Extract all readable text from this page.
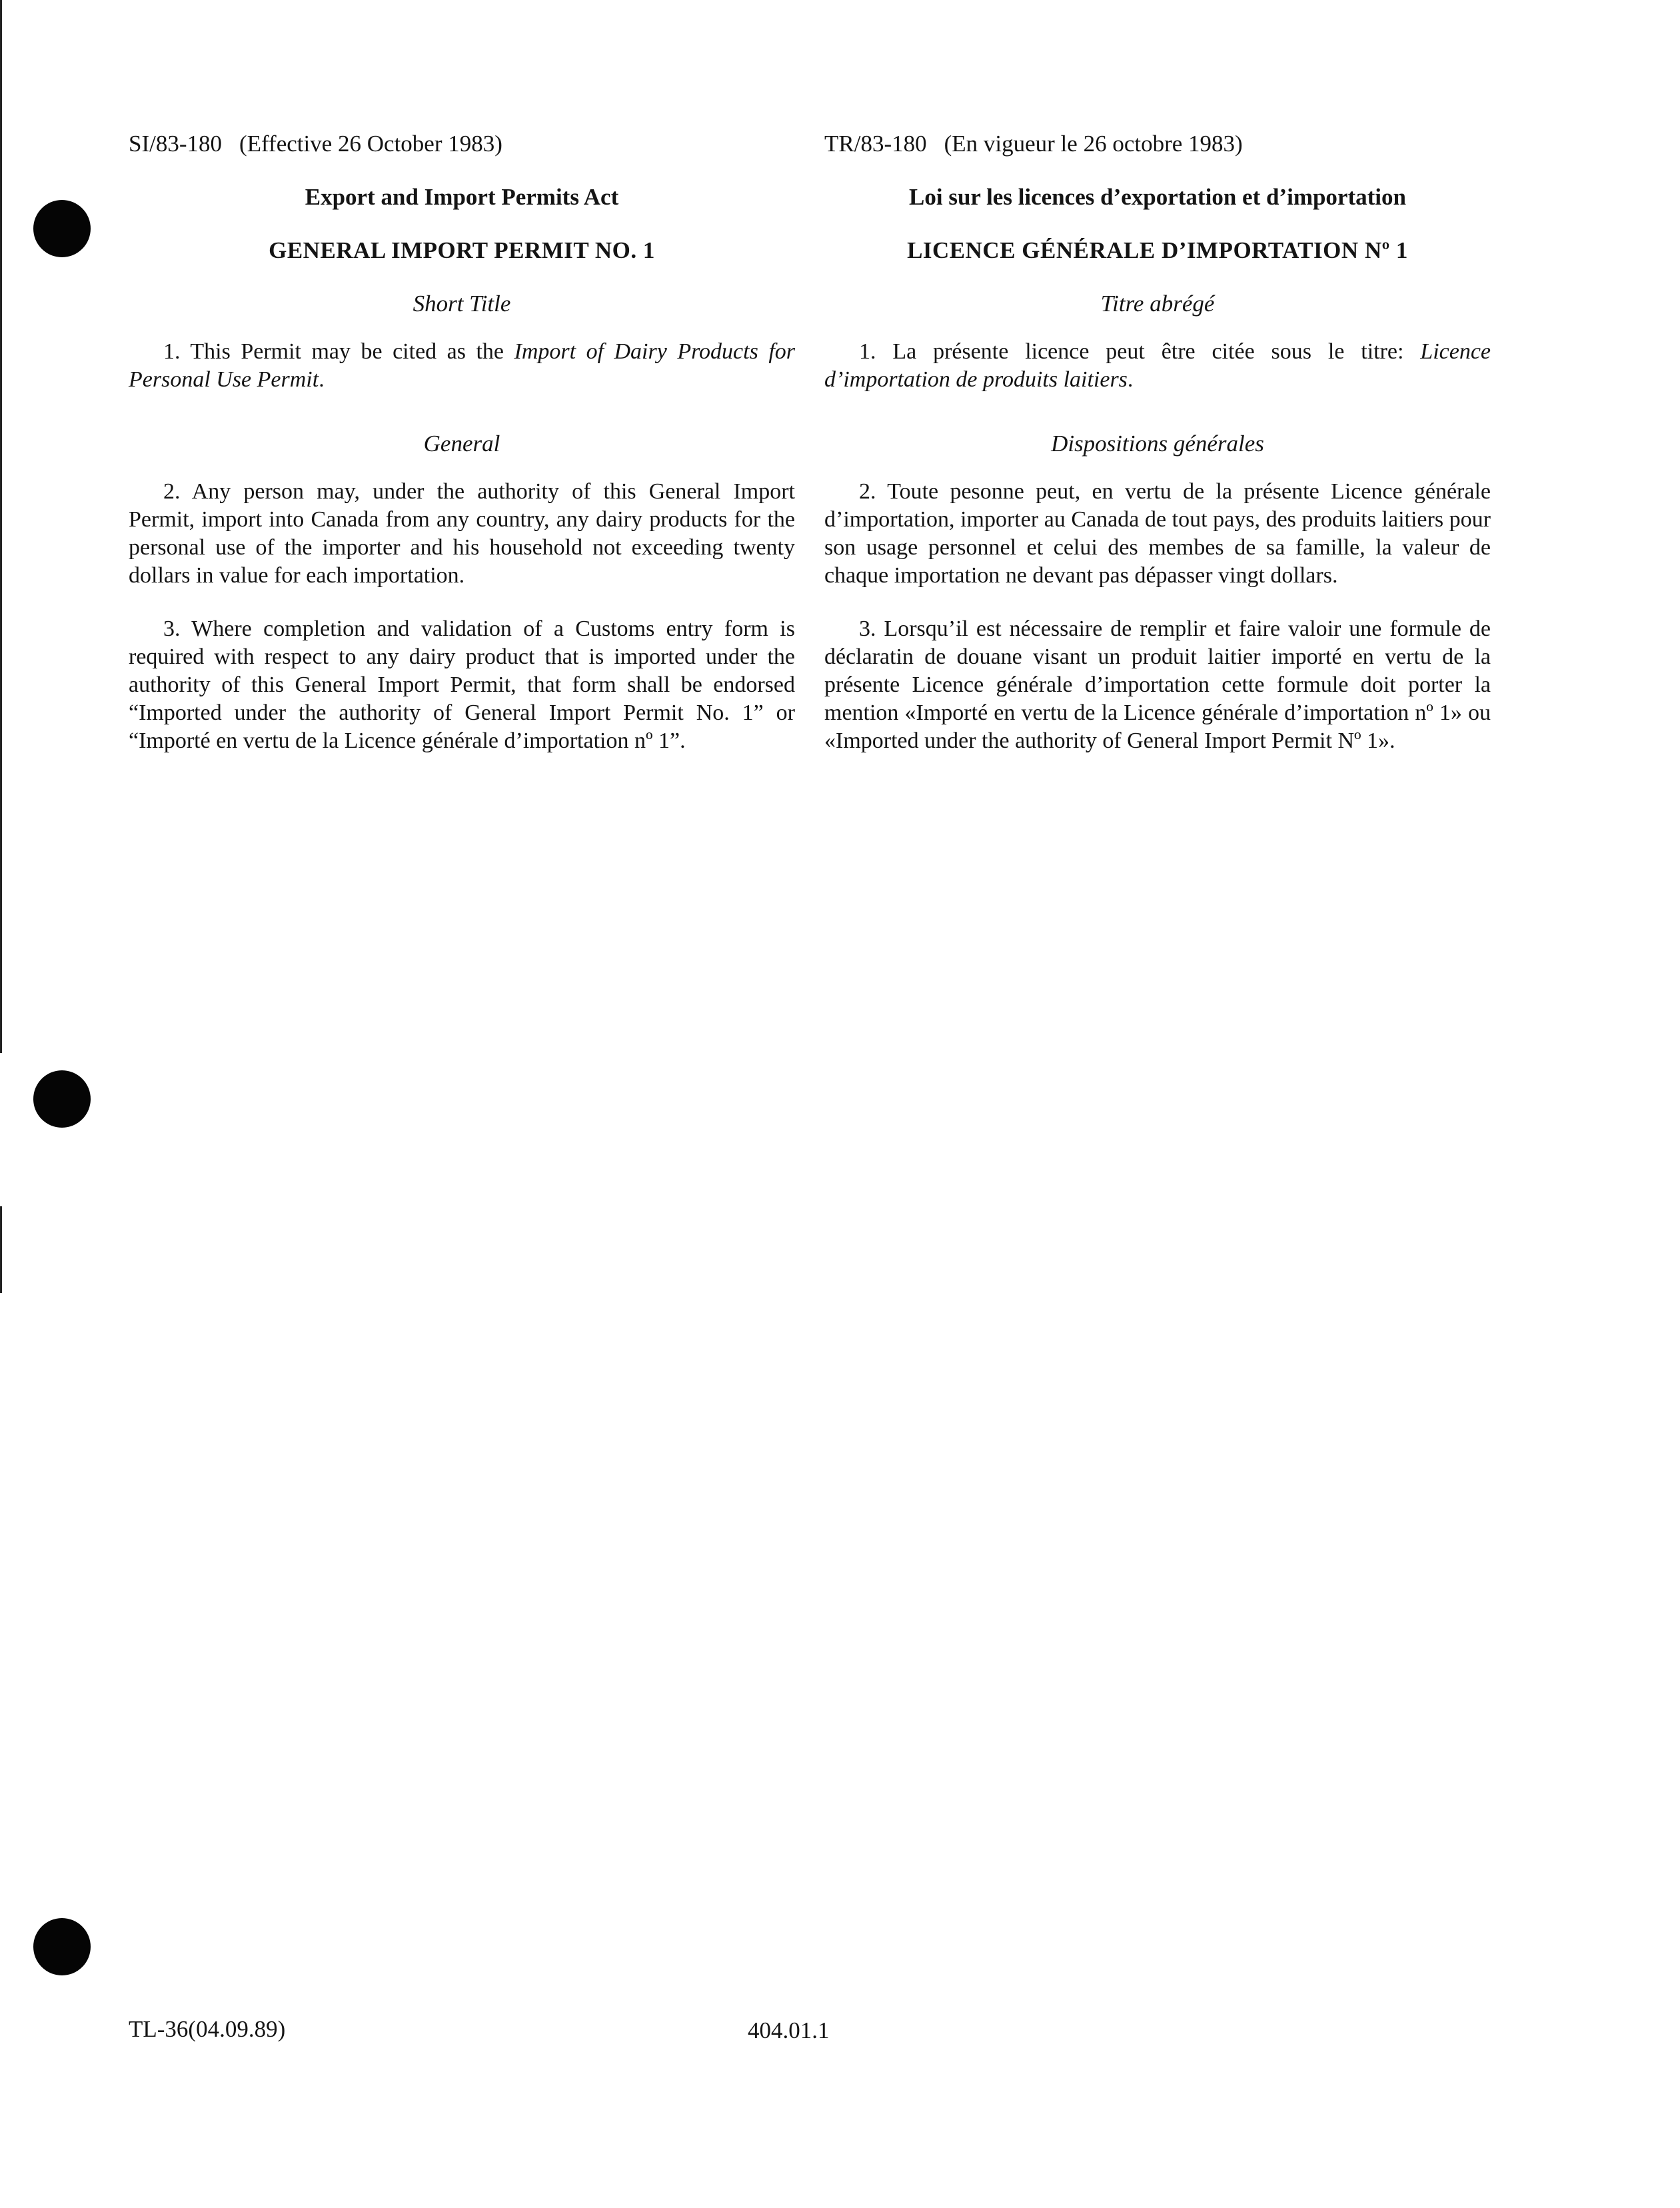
SI/83-180 (Effective 26 October 1983)
Export and Import Permits Act
GENERAL IMPORT PERMIT NO. 1
Short Title

1. This Permit may be cited as the Import of Dairy Products for Personal Use Permit.

General

2. Any person may, under the authority of this General Import Permit, import into Canada from any country, any dairy products for the personal use of the importer and his household not exceeding twenty dollars in value for each importation.

3. Where completion and validation of a Customs entry form is required with respect to any dairy product that is imported under the authority of this General Import Permit, that form shall be endorsed “Imported under the authority of General Import Permit No. 1” or “Importé en vertu de la Licence générale d’importation nº 1”.

TR/83-180 (En vigueur le 26 octobre 1983)
Loi sur les licences d’exportation et d’importation
LICENCE GÉNÉRALE D’IMPORTATION Nº 1
Titre abrégé

1. La présente licence peut être citée sous le titre: Licence d’importation de produits laitiers.

Dispositions générales

2. Toute pesonne peut, en vertu de la présente Licence générale d’importation, importer au Canada de tout pays, des produits laitiers pour son usage personnel et celui des membes de sa famille, la valeur de chaque importation ne devant pas dépasser vingt dollars.

3. Lorsqu’il est nécessaire de remplir et faire valoir une formule de déclaratin de douane visant un produit laitier importé en vertu de la présente Licence générale d’importation cette formule doit porter la mention «Importé en vertu de la Licence générale d’importation nº 1» ou «Imported under the authority of General Import Permit Nº 1».

TL-36(04.09.89)	404.01.1
